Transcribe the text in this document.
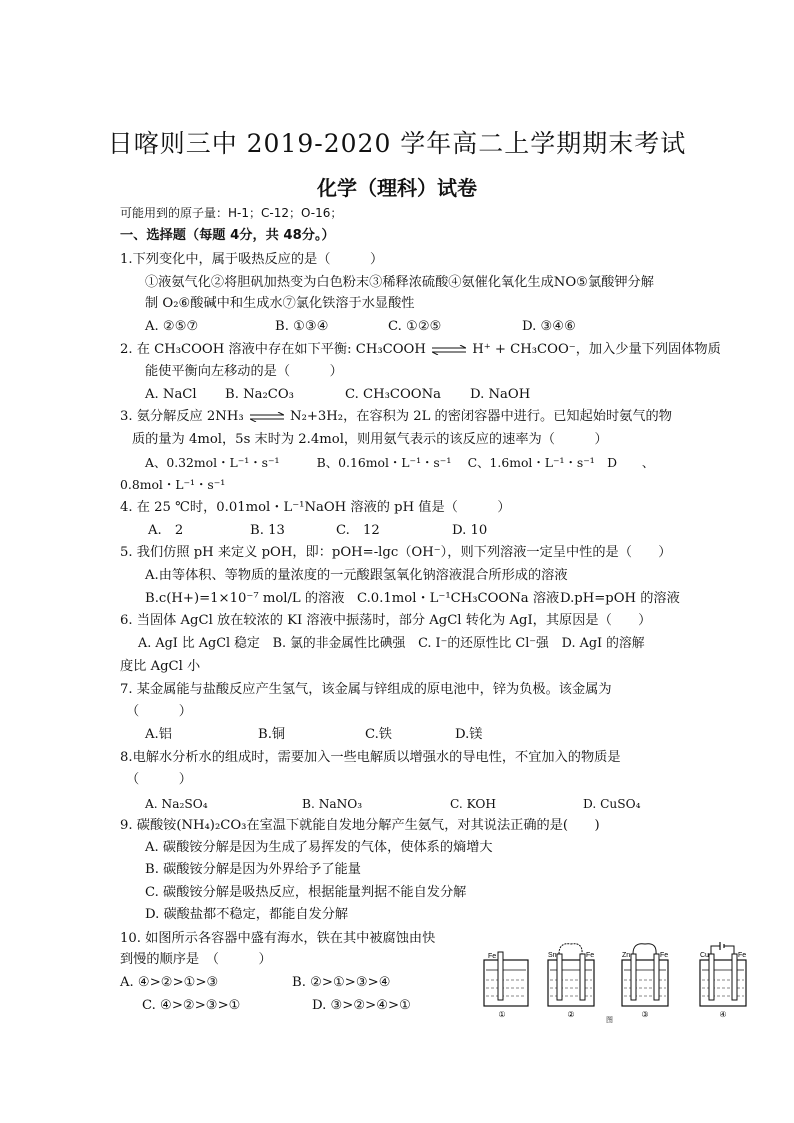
日喀则三中 2019-2020 学年高二上学期期末考试
化学（理科）试卷
可能用到的原子量：H-1；C-12；O-16；
一、选择题（每题 4分，共 48分。）
1.下列变化中，属于吸热反应的是（　　　）
①液氨气化②将胆矾加热变为白色粉末③稀释浓硫酸④氨催化氧化生成NO⑤氯酸钾分解
制 O₂⑥酸碱中和生成水⑦氯化铁溶于水显酸性
A. ②⑤⑦	B. ①③④	C. ①②⑤	D. ③④⑥
2. 在 CH₃COOH 溶液中存在如下平衡: CH₃COOH ⇌ H⁺ + CH₃COO⁻，加入少量下列固体物质
能使平衡向左移动的是（　　　）
A. NaCl B. Na₂CO₃	C. CH₃COONa D. NaOH
3. 氨分解反应 2NH₃ ⇌ N₂+3H₂，在容积为 2L 的密闭容器中进行。已知起始时氨气的物
质的量为 4mol，5s 末时为 2.4mol，则用氨气表示的该反应的速率为（　　　）
A、0.32mol・L⁻¹・s⁻¹　　　B、0.16mol・L⁻¹・s⁻¹　 C、1.6mol・L⁻¹・s⁻¹　D　　、
0.8mol・L⁻¹・s⁻¹
4. 在 25 ℃时，0.01mol・L⁻¹NaOH 溶液的 pH 值是（　　　）
A.　2	B. 13	C.　12	D. 10
5. 我们仿照 pH 来定义 pOH，即：pOH=-lgc（OH⁻），则下列溶液一定呈中性的是（　　）
A.由等体积、等物质的量浓度的一元酸跟氢氧化钠溶液混合所形成的溶液
B.c(H+)=1×10⁻⁷ mol/L 的溶液 C.0.1mol・L⁻¹CH₃COONa 溶液 D.pH=pOH 的溶液
6. 当固体 AgCl 放在较浓的 KI 溶液中振荡时，部分 AgCl 转化为 AgI，其原因是（　　）
A. AgI 比 AgCl 稳定　B. 氯的非金属性比碘强　C. I⁻的还原性比 Cl⁻强　D. AgI 的溶解
度比 AgCl 小
7. 某金属能与盐酸反应产生氢气，该金属与锌组成的原电池中，锌为负极。该金属为
（　　　）
A.铝	B.铜	C.铁	D.镁
8.电解水分析水的组成时，需要加入一些电解质以增强水的导电性，不宜加入的物质是
（　　　）
A. Na₂SO₄	B. NaNO₃	C. KOH	D. CuSO₄
9. 碳酸铵(NH₄)₂CO₃在室温下就能自发地分解产生氨气，对其说法正确的是(　　)
A. 碳酸铵分解是因为生成了易挥发的气体，使体系的熵增大
B. 碳酸铵分解是因为外界给予了能量
C. 碳酸铵分解是吸热反应，根据能量判据不能自发分解
D. 碳酸盐都不稳定，都能自发分解
10. 如图所示各容器中盛有海水，铁在其中被腐蚀由快
到慢的顺序是　（　　　）
A. ④>②>①>③	B. ②>①>③>④
C. ④>②>③>①	D. ③>②>④>①
Fe
①
Sn	Fe
②
Zn	Fe
③
Cu	Fe
④
图
